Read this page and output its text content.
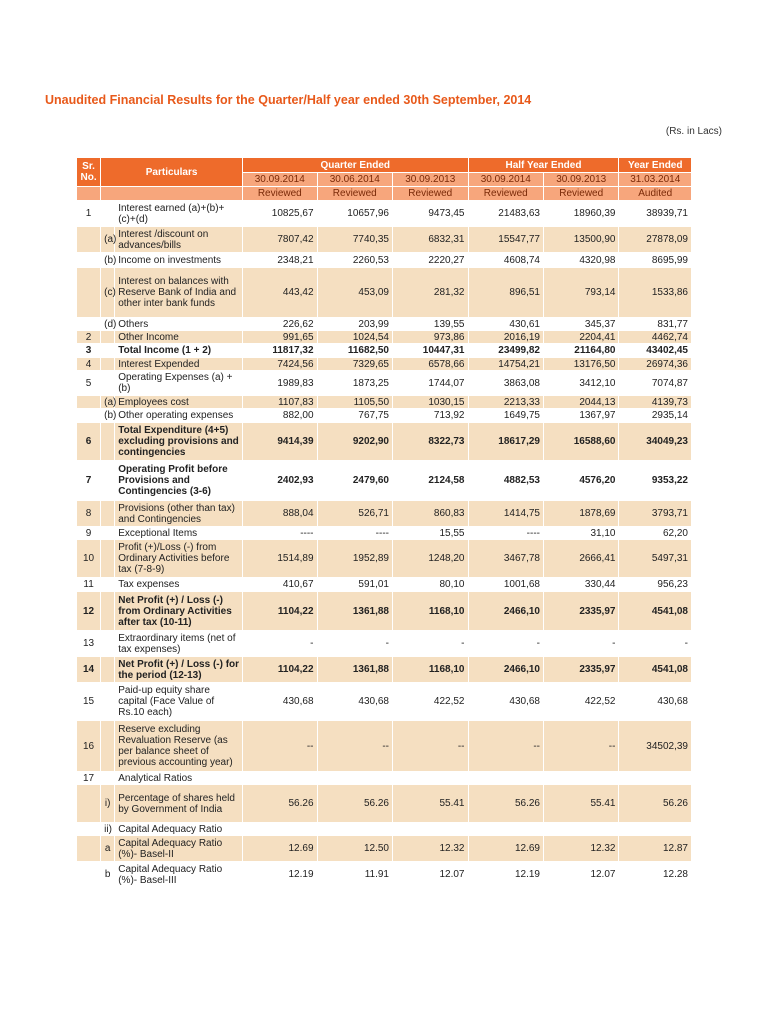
Unaudited Financial Results for the Quarter/Half year ended 30th September, 2014
(Rs. in Lacs)
Sr. No.	Particulars		Quarter Ended			Half Year Ended		Year Ended
			30.09.2014	30.06.2014	30.09.2013	30.09.2014	30.09.2013	31.03.2014
			Reviewed	Reviewed	Reviewed	Reviewed	Reviewed	Audited
1		Interest earned (a)+(b)+(c)+(d)	10825,67	10657,96	9473,45	21483,63	18960,39	38939,71
	(a)	Interest /discount on advances/bills	7807,42	7740,35	6832,31	15547,77	13500,90	27878,09
	(b)	Income on investments	2348,21	2260,53	2220,27	4608,74	4320,98	8695,99
	(c)	Interest on balances with Reserve Bank of India and other inter bank funds	443,42	453,09	281,32	896,51	793,14	1533,86
	(d)	Others	226,62	203,99	139,55	430,61	345,37	831,77
2		Other Income	991,65	1024,54	973,86	2016,19	2204,41	4462,74
3		Total Income (1 + 2)	11817,32	11682,50	10447,31	23499,82	21164,80	43402,45
4		Interest Expended	7424,56	7329,65	6578,66	14754,21	13176,50	26974,36
5		Operating Expenses (a) + (b)	1989,83	1873,25	1744,07	3863,08	3412,10	7074,87
	(a)	Employees cost	1107,83	1105,50	1030,15	2213,33	2044,13	4139,73
	(b)	Other operating expenses	882,00	767,75	713,92	1649,75	1367,97	2935,14
6		Total Expenditure (4+5) excluding provisions and contingencies	9414,39	9202,90	8322,73	18617,29	16588,60	34049,23
7		Operating Profit before Provisions and Contingencies (3-6)	2402,93	2479,60	2124,58	4882,53	4576,20	9353,22
8		Provisions (other than tax) and Contingencies	888,04	526,71	860,83	1414,75	1878,69	3793,71
9		Exceptional Items	----	----	15,55	----	31,10	62,20
10		Profit (+)/Loss (-) from Ordinary Activities before tax (7-8-9)	1514,89	1952,89	1248,20	3467,78	2666,41	5497,31
11		Tax expenses	410,67	591,01	80,10	1001,68	330,44	956,23
12		Net Profit (+) / Loss (-) from Ordinary Activities after tax (10-11)	1104,22	1361,88	1168,10	2466,10	2335,97	4541,08
13		Extraordinary items (net of tax expenses)	-	-	-	-	-	-
14		Net Profit (+) / Loss (-) for the period (12-13)	1104,22	1361,88	1168,10	2466,10	2335,97	4541,08
15		Paid-up equity share capital (Face Value of Rs.10 each)	430,68	430,68	422,52	430,68	422,52	430,68
16		Reserve excluding Revaluation Reserve (as per balance sheet of previous accounting year)	--	--	--	--	--	34502,39
17		Analytical Ratios						
	i)	Percentage of shares held by Government of India	56.26	56.26	55.41	56.26	55.41	56.26
	ii)	Capital Adequacy Ratio						
	a	Capital Adequacy Ratio (%)- Basel-II	12.69	12.50	12.32	12.69	12.32	12.87
	b	Capital Adequacy Ratio (%)- Basel-III	12.19	11.91	12.07	12.19	12.07	12.28
